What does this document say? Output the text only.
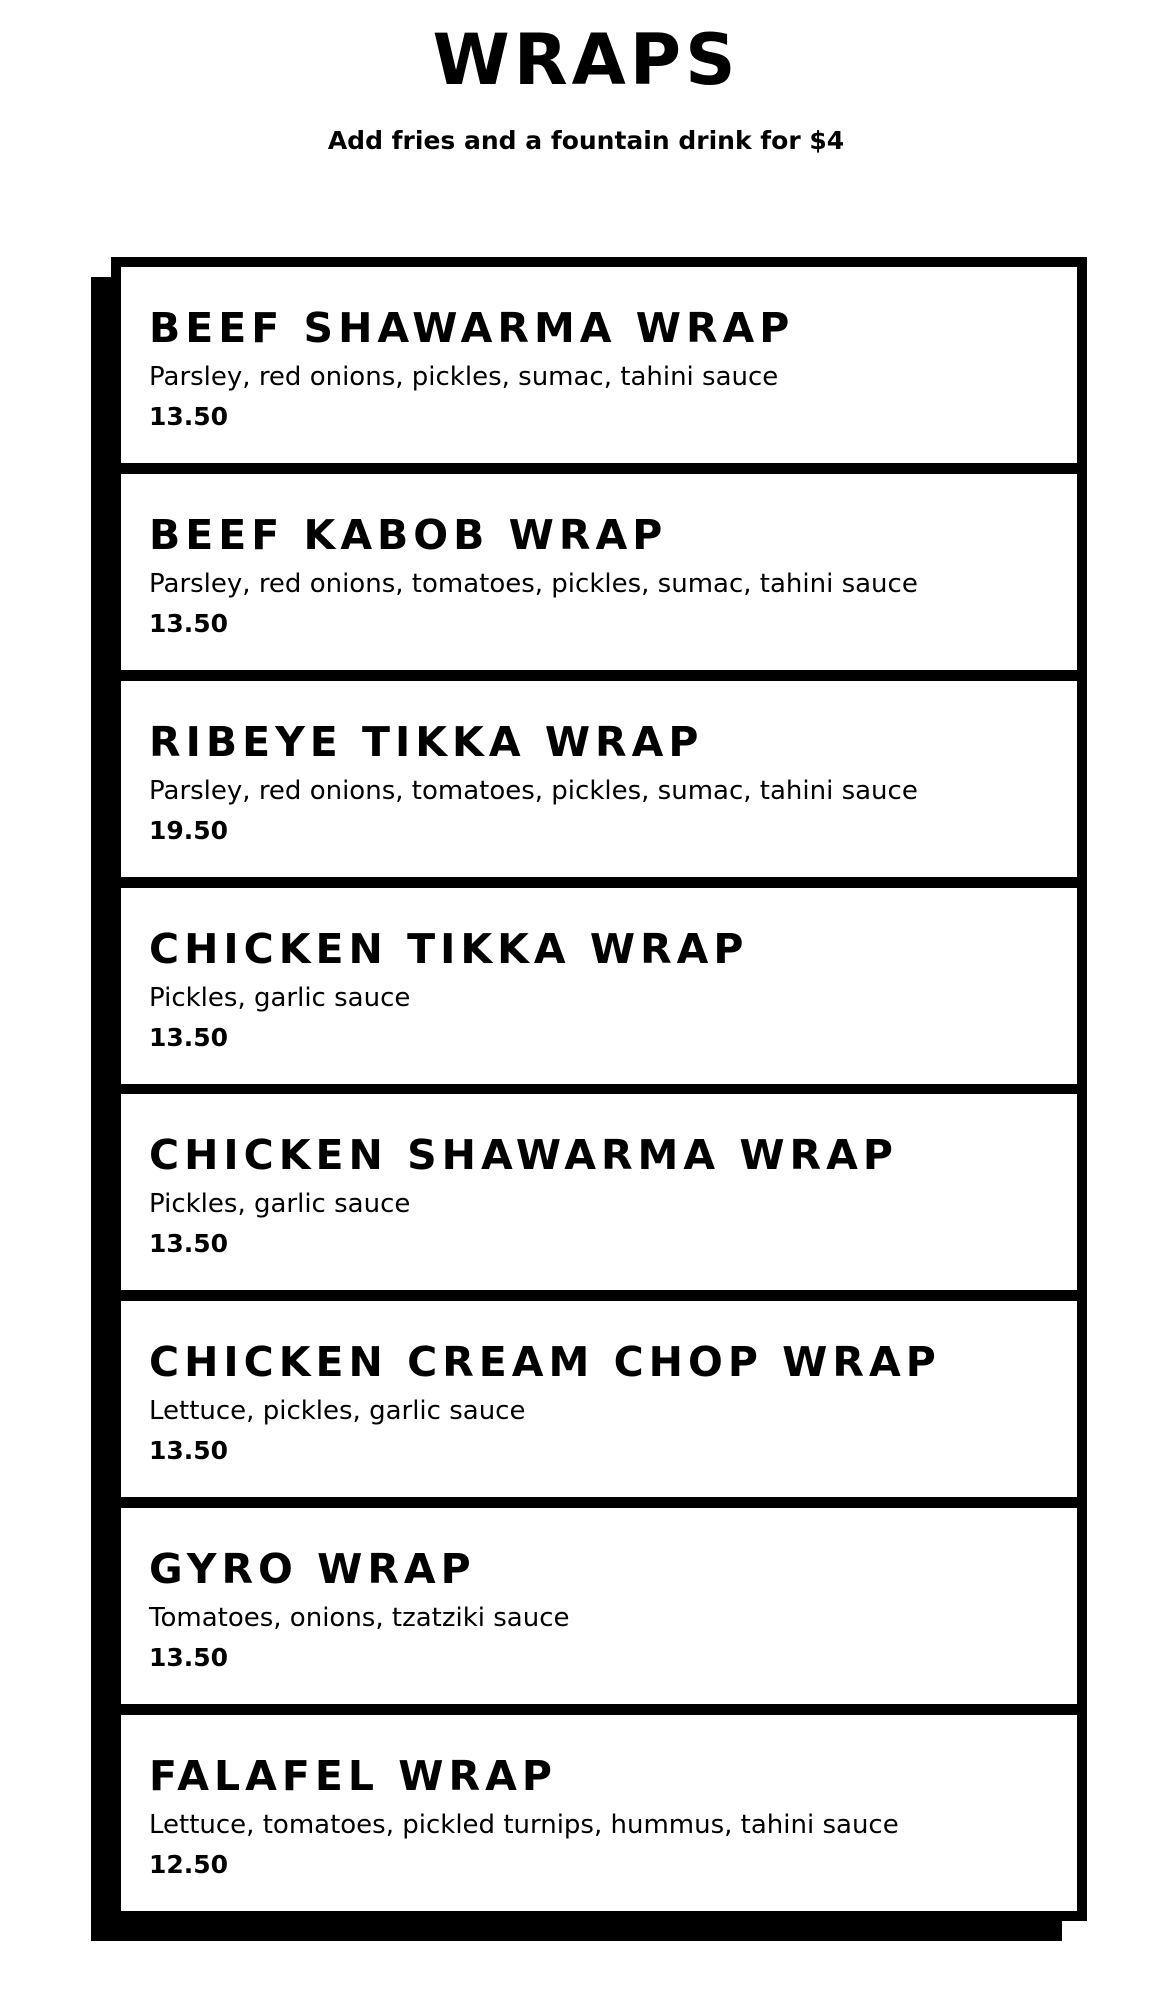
WRAPS

Add fries and a fountain drink for $4

BEEF SHAWARMA WRAP
Parsley, red onions, pickles, sumac, tahini sauce
13.50
BEEF KABOB WRAP
Parsley, red onions, tomatoes, pickles, sumac, tahini sauce
13.50
RIBEYE TIKKA WRAP
Parsley, red onions, tomatoes, pickles, sumac, tahini sauce
19.50
CHICKEN TIKKA WRAP
Pickles, garlic sauce
13.50
CHICKEN SHAWARMA WRAP
Pickles, garlic sauce
13.50
CHICKEN CREAM CHOP WRAP
Lettuce, pickles, garlic sauce
13.50
GYRO WRAP
Tomatoes, onions, tzatziki sauce
13.50
FALAFEL WRAP
Lettuce, tomatoes, pickled turnips, hummus, tahini sauce
12.50
